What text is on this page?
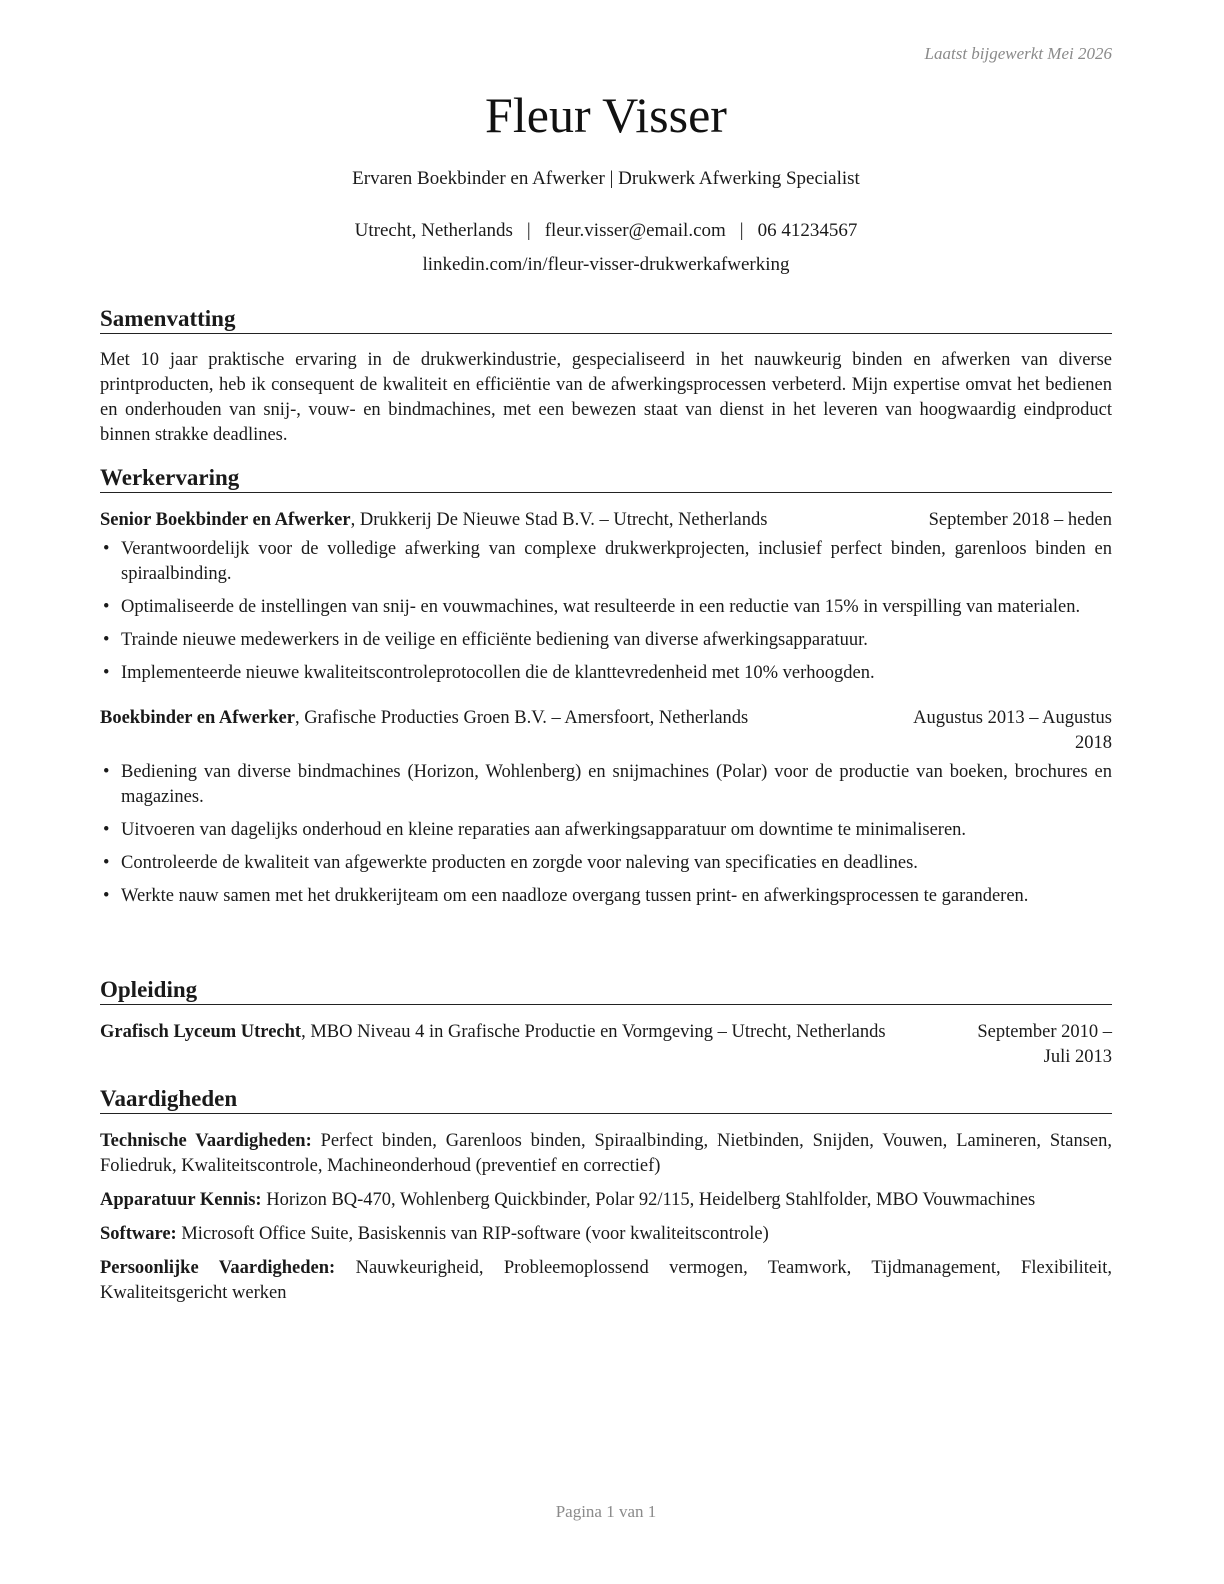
Laatst bijgewerkt Mei 2026
Fleur Visser
Ervaren Boekbinder en Afwerker | Drukwerk Afwerking Specialist
Utrecht, Netherlands | fleur.visser@email.com | 06 41234567
linkedin.com/in/fleur-visser-drukwerkafwerking
Samenvatting
Met 10 jaar praktische ervaring in de drukwerkindustrie, gespecialiseerd in het nauwkeurig binden en afwerken van diverse printproducten, heb ik consequent de kwaliteit en efficiëntie van de afwerkingsprocessen verbeterd. Mijn expertise omvat het bedienen en onderhouden van snij-, vouw- en bindmachines, met een bewezen staat van dienst in het leveren van hoogwaardig eindproduct binnen strakke deadlines.
Werkervaring
Senior Boekbinder en Afwerker, Drukkerij De Nieuwe Stad B.V. – Utrecht, Netherlands	September 2018 – heden
• Verantwoordelijk voor de volledige afwerking van complexe drukwerkprojecten, inclusief perfect binden, garenloos binden en spiraalbinding.
• Optimaliseerde de instellingen van snij- en vouwmachines, wat resulteerde in een reductie van 15% in verspilling van materialen.
• Trainde nieuwe medewerkers in de veilige en efficiënte bediening van diverse afwerkingsapparatuur.
• Implementeerde nieuwe kwaliteitscontroleprotocollen die de klanttevredenheid met 10% verhoogden.
Boekbinder en Afwerker, Grafische Producties Groen B.V. – Amersfoort, Netherlands	Augustus 2013 – Augustus 2018
• Bediening van diverse bindmachines (Horizon, Wohlenberg) en snijmachines (Polar) voor de productie van boeken, brochures en magazines.
• Uitvoeren van dagelijks onderhoud en kleine reparaties aan afwerkingsapparatuur om downtime te minimaliseren.
• Controleerde de kwaliteit van afgewerkte producten en zorgde voor naleving van specificaties en deadlines.
• Werkte nauw samen met het drukkerijteam om een naadloze overgang tussen print- en afwerkingsprocessen te garanderen.
Opleiding
Grafisch Lyceum Utrecht, MBO Niveau 4 in Grafische Productie en Vormgeving – Utrecht, Netherlands	September 2010 – Juli 2013
Vaardigheden
Technische Vaardigheden: Perfect binden, Garenloos binden, Spiraalbinding, Nietbinden, Snijden, Vouwen, Lamineren, Stansen, Foliedruk, Kwaliteitscontrole, Machineonderhoud (preventief en correctief)
Apparatuur Kennis: Horizon BQ-470, Wohlenberg Quickbinder, Polar 92/115, Heidelberg Stahlfolder, MBO Vouwmachines
Software: Microsoft Office Suite, Basiskennis van RIP-software (voor kwaliteitscontrole)
Persoonlijke Vaardigheden: Nauwkeurigheid, Probleemoplossend vermogen, Teamwork, Tijdmanagement, Flexibiliteit, Kwaliteitsgericht werken
Pagina 1 van 1
